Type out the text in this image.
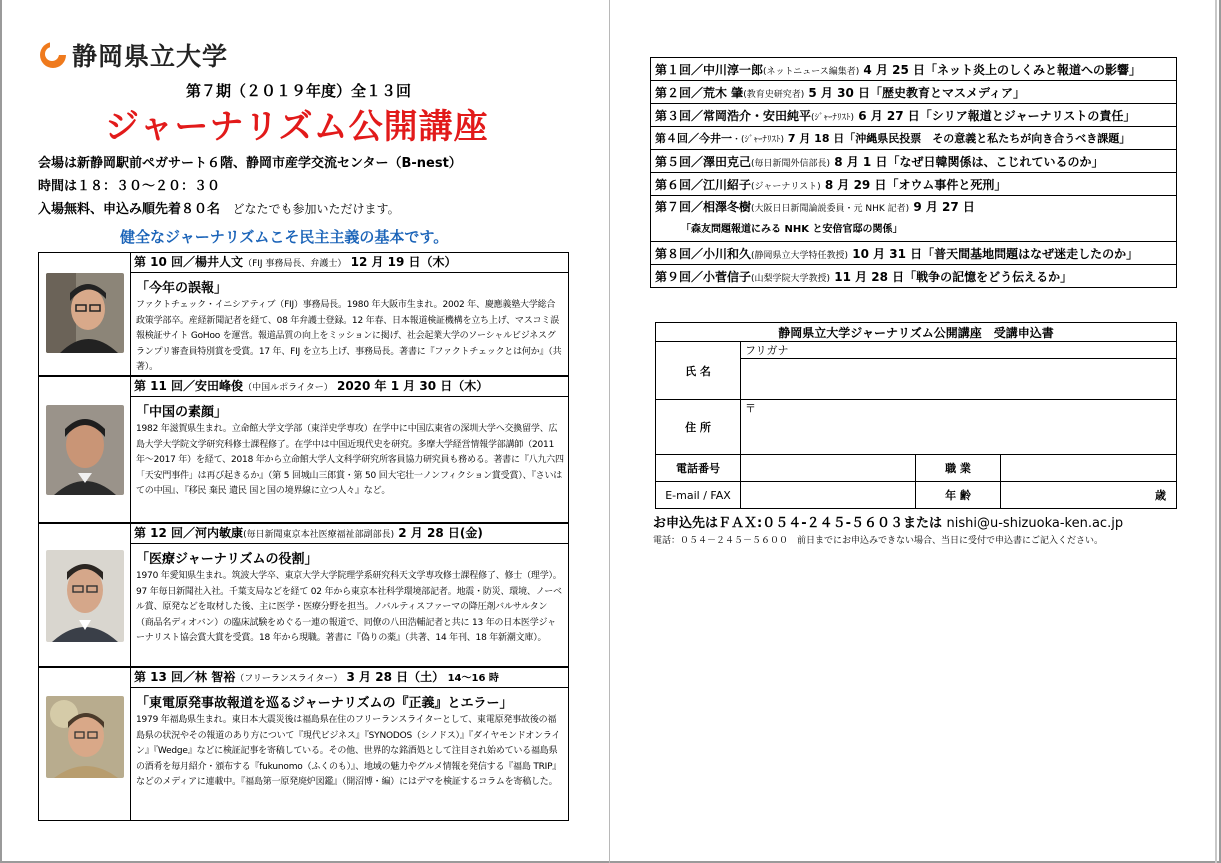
静岡県立大学
第７期（２０１９年度）全１３回
ジャーナリズム公開講座
会場は新静岡駅前ペガサート６階、静岡市産学交流センター（B-nest）
時間は１８：３０～２０：３０
入場無料、申込み順先着８０名 どなたでも参加いただけます。
健全なジャーナリズムこそ民主主義の基本です。
第 10 回／楊井人文（FIJ 事務局長、弁護士） 12 月 19 日（木）
「今年の誤報」
ファクトチェック・イニシアティブ（FIJ）事務局長。1980 年大阪市生まれ。2002 年、慶應義塾大学総合政策学部卒。産経新聞記者を経て、08 年弁護士登録。12 年春、日本報道検証機構を立ち上げ、マスコミ誤報検証サイト GoHoo を運営。報道品質の向上をミッションに掲げ、社会起業大学のソーシャルビジネスグランプリ審査員特別賞を受賞。17 年、FIJ を立ち上げ、事務局長。著書に『ファクトチェックとは何か』（共著）。
第 11 回／安田峰俊（中国ルポライター） 2020 年 1 月 30 日（木）
「中国の素顔」
1982 年滋賀県生まれ。立命館大学文学部（東洋史学専攻）在学中に中国広東省の深圳大学へ交換留学、広島大学大学院文学研究科修士課程修了。在学中は中国近現代史を研究。多摩大学経営情報学部講師（2011 年～2017 年）を経て、2018 年から立命館大学人文科学研究所客員協力研究員も務める。著書に『八九六四 「天安門事件」は再び起きるか』（第 5 回城山三郎賞・第 50 回大宅壮一ノンフィクション賞受賞）、『さいはての中国』、『移民 棄民 遺民 国と国の境界線に立つ人々』など。
第 12 回／河内敏康(毎日新聞東京本社医療福祉部副部長) 2 月 28 日(金)
「医療ジャーナリズムの役割」
1970 年愛知県生まれ。筑波大学卒、東京大学大学院理学系研究科天文学専攻修士課程修了、修士（理学）。97 年毎日新聞社入社。千葉支局などを経て 02 年から東京本社科学環境部記者。地震・防災、環境、ノーベル賞、原発などを取材した後、主に医学・医療分野を担当。ノバルティスファーマの降圧剤バルサルタン（商品名ディオバン）の臨床試験をめぐる一連の報道で、同僚の八田浩輔記者と共に 13 年の日本医学ジャーナリスト協会賞大賞を受賞。18 年から現職。著書に『偽りの薬』（共著、14 年刊、18 年新潮文庫）。
第 13 回／林 智裕（フリーランスライター） 3 月 28 日（土） 14～16 時
「東電原発事故報道を巡るジャーナリズムの『正義』とエラー」
1979 年福島県生まれ。東日本大震災後は福島県在住のフリーランスライターとして、東電原発事故後の福島県の状況やその報道のあり方について『現代ビジネス』『SYNODOS（シノドス）』『ダイヤモンドオンライン』『Wedge』などに検証記事を寄稿している。その他、世界的な銘酒処として注目され始めている福島県の酒肴を毎月紹介・頒布する『fukunomo（ふくのも）』、地域の魅力やグルメ情報を発信する『福島 TRIP』などのメディアに連載中。『福島第一原発廃炉図鑑』（開沼博・編）にはデマを検証するコラムを寄稿した。
第１回／中川淳一郎(ネットニュース編集者) 4 月 25 日「ネット炎上のしくみと報道への影響」
第２回／荒木 肇(教育史研究者) 5 月 30 日「歴史教育とマスメディア」
第３回／常岡浩介・安田純平(ｼﾞｬｰﾅﾘｽﾄ) 6 月 27 日「シリア報道とジャーナリストの責任」
第４回／今井一・(ｼﾞｬｰﾅﾘｽﾄ) 7 月 18 日「沖縄県民投票　その意義と私たちが向き合うべき課題」
第５回／澤田克己(毎日新聞外信部長) 8 月 1 日「なぜ日韓関係は、こじれているのか」
第６回／江川紹子(ジャーナリスト) 8 月 29 日「オウム事件と死刑」
第７回／相澤冬樹(大阪日日新聞論説委員・元 NHK 記者) 9 月 27 日
「森友問題報道にみる NHK と安倍官邸の関係」
第８回／小川和久(静岡県立大学特任教授) 10 月 31 日「普天間基地問題はなぜ迷走したのか」
第９回／小菅信子(山梨学院大学教授) 11 月 28 日「戦争の記憶をどう伝えるか」
静岡県立大学ジャーナリズム公開講座　受講申込書			
氏 名	フリガナ		

住 所	〒		
電話番号		職 業	
E-mail / FAX		年 齢	歳
お申込先はＦＡＸ:０５４-２４５-５６０３または nishi@u-shizuoka-ken.ac.jp
電話：０５４－２４５－５６００　前日までにお申込みできない場合、当日に受付で申込書にご記入ください。
